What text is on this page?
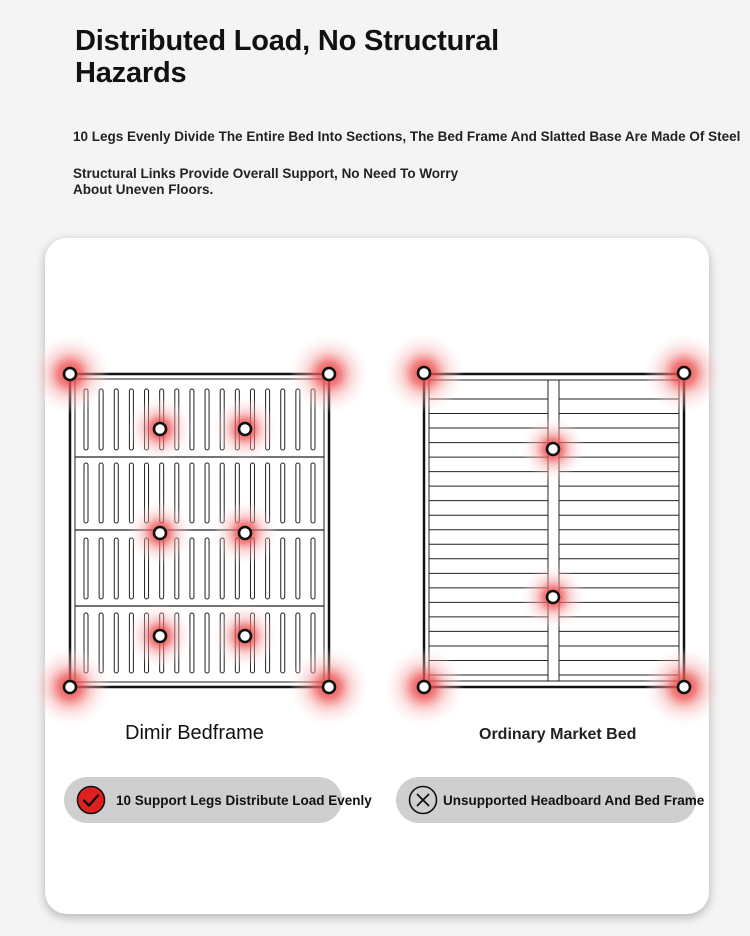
Distributed Load, No Structural Hazards
10 Legs Evenly Divide The Entire Bed Into Sections, The Bed Frame And Slatted Base Are Made Of Steel
Structural Links Provide Overall Support, No Need To Worry About Uneven Floors.
Dimir Bedframe	Ordinary Market Bed
10 Support Legs Distribute Load Evenly	Unsupported Headboard And Bed Frame
